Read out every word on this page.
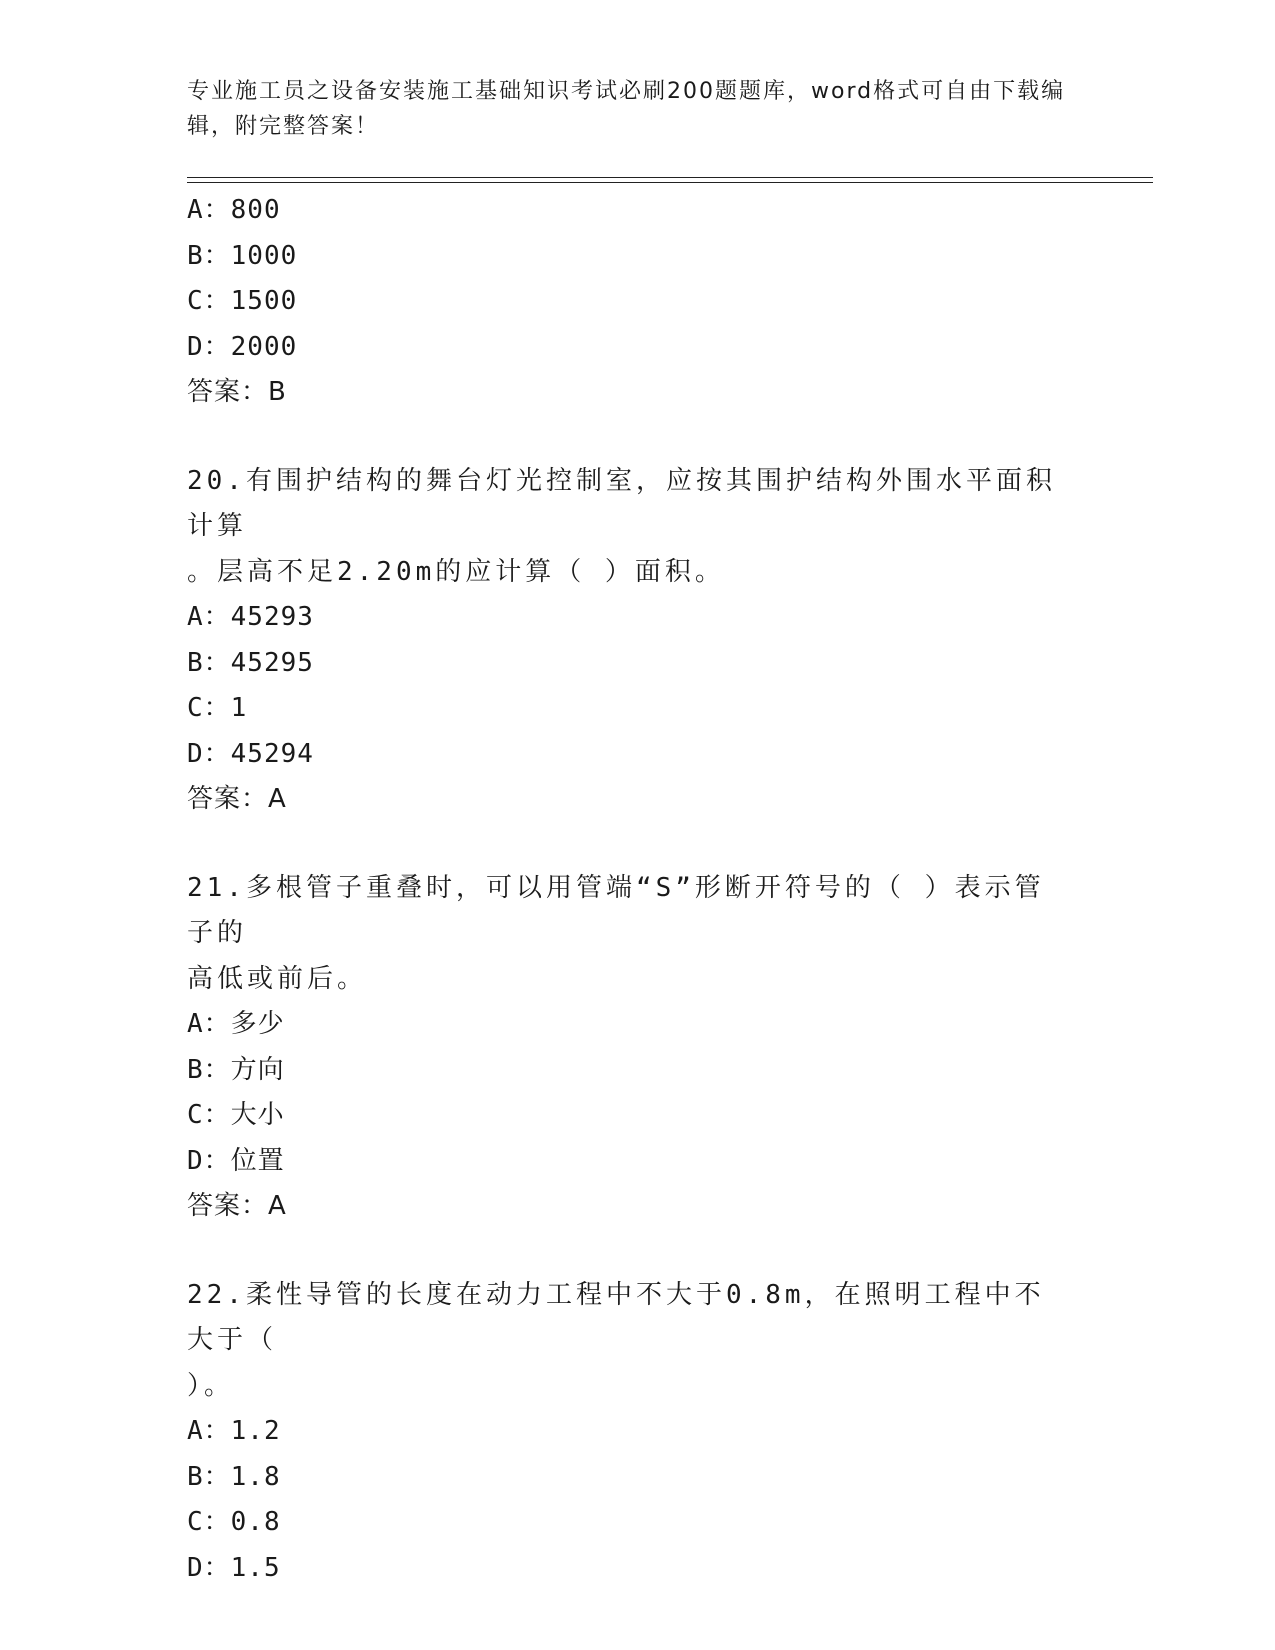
专业施工员之设备安装施工基础知识考试必刷200题题库，word格式可自由下载编辑，附完整答案！
A：800
B：1000
C：1500
D：2000
答案：B
20.有围护结构的舞台灯光控制室，应按其围护结构外围水平面积计算
。层高不足2.20m的应计算（ ）面积。
A：45293
B：45295
C：1
D：45294
答案：A
21.多根管子重叠时，可以用管端“S”形断开符号的（ ）表示管子的
高低或前后。
A：多少
B：方向
C：大小
D：位置
答案：A
22.柔性导管的长度在动力工程中不大于0.8m，在照明工程中不大于（
）。
A：1.2
B：1.8
C：0.8
D：1.5
